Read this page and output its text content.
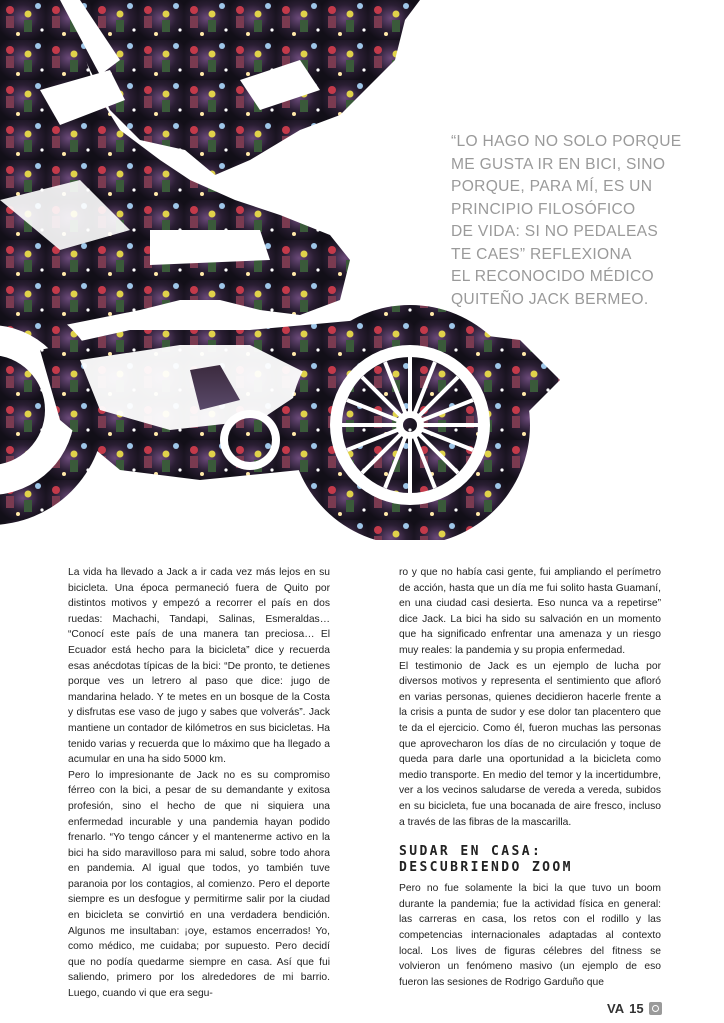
“LO HAGO NO SOLO PORQUE
ME GUSTA IR EN BICI, SINO
PORQUE, PARA MÍ, ES UN
PRINCIPIO FILOSÓFICO
DE VIDA: SI NO PEDALEAS
TE CAES” REFLEXIONA
EL RECONOCIDO MÉDICO
QUITEÑO JACK BERMEO.

La vida ha llevado a Jack a ir cada vez más lejos en su bicicleta. Una época permaneció fuera de Quito por distintos motivos y empezó a recorrer el país en dos ruedas: Machachi, Tandapi, Salinas, Esmeraldas… “Conocí este país de una manera tan preciosa… El Ecuador está hecho para la bicicleta” dice y recuerda esas anécdotas típicas de la bici: “De pronto, te detienes porque ves un letrero al paso que dice: jugo de mandarina helado. Y te metes en un bosque de la Costa y disfrutas ese vaso de jugo y sabes que volverás”. Jack mantiene un contador de kilómetros en sus bicicletas. Ha tenido varias y recuerda que lo máximo que ha llegado a acumular en una ha sido 5000 km.

Pero lo impresionante de Jack no es su compromiso férreo con la bici, a pesar de su demandante y exitosa profesión, sino el hecho de que ni siquiera una enfermedad incurable y una pandemia hayan podido frenarlo. “Yo tengo cáncer y el mantenerme activo en la bici ha sido maravilloso para mi salud, sobre todo ahora en pandemia. Al igual que todos, yo también tuve paranoia por los contagios, al comienzo. Pero el deporte siempre es un desfogue y permitirme salir por la ciudad en bicicleta se convirtió en una verdadera bendición. Algunos me insultaban: ¡oye, estamos encerrados! Yo, como médico, me cuidaba; por supuesto. Pero decidí que no podía quedarme siempre en casa. Así que fui saliendo, primero por los alrededores de mi barrio. Luego, cuando vi que era segu-

ro y que no había casi gente, fui ampliando el perímetro de acción, hasta que un día me fui solito hasta Guamaní, en una ciudad casi desierta. Eso nunca va a repetirse” dice Jack. La bici ha sido su salvación en un momento que ha significado enfrentar una amenaza y un riesgo muy reales: la pandemia y su propia enfermedad.

El testimonio de Jack es un ejemplo de lucha por diversos motivos y representa el sentimiento que afloró en varias personas, quienes decidieron hacerle frente a la crisis a punta de sudor y ese dolor tan placentero que te da el ejercicio. Como él, fueron muchas las personas que aprovecharon los días de no circulación y toque de queda para darle una oportunidad a la bicicleta como medio transporte. En medio del temor y la incertidumbre, ver a los vecinos saludarse de vereda a vereda, subidos en su bicicleta, fue una bocanada de aire fresco, incluso a través de las fibras de la mascarilla.

SUDAR EN CASA: DESCUBRIENDO ZOOM

Pero no fue solamente la bici la que tuvo un boom durante la pandemia; fue la actividad física en general: las carreras en casa, los retos con el rodillo y las competencias internacionales adaptadas al contexto local. Los lives de figuras célebres del fitness se volvieron un fenómeno masivo (un ejemplo de eso fueron las sesiones de Rodrigo Garduño que

VA 15
